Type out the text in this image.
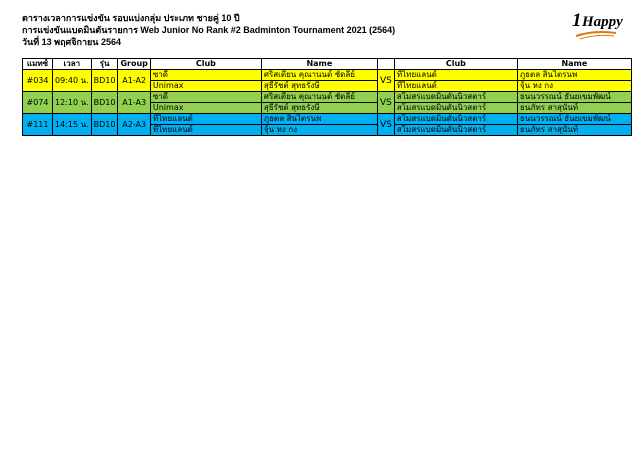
ตารางเวลาการแข่งขัน รอบแบ่งกลุ่ม ประเภท ชายคู่ 10 ปี
การแข่งขันแบดมินตันรายการ Web Junior No Rank #2 Badminton Tournament 2021 (2564)
วันที่ 13 พฤศจิกายน 2564
1 Happy
แมทซ์	เวลา	รุ่น	Group	Club	Name		Club	Name
#034	09:40 น.	BD10	A1-A2	ซาดี้	ศริสเตียน คุณานนต์ ชัดลี่ย์	VS	ทีไทยแลนด์	ภูธตล สินไตรนพ
				Unimax	สุธีรัชต์ สุทธรังษี		ทีไทยแลนด์	จุ้น หง กง
#074	12:10 น.	BD10	A1-A3	ซาดี้	ศริสเตียน คุณานนต์ ชัดลี่ย์	VS	สโมสรแบดมินตันนิวสตาร์	ธนนวรรณน์ ธันยเขมพัฒน์
				Unimax	สุธีรัชต์ สุทธรังษี		สโมสรแบดมินตันนิวสตาร์	ธนภัทร สาสุนันท์
#111	14:15 น.	BD10	A2-A3	ทีไทยแลนด์	ภูธตล สินไตรนพ	VS	สโมสรแบดมินตันนิวสตาร์	ธนนวรรณน์ ธันยเขมพัฒน์
				ทีไทยแลนด์	จุ้น หง กง		สโมสรแบดมินตันนิวสตาร์	ธนภัทร สาสุนันท์
